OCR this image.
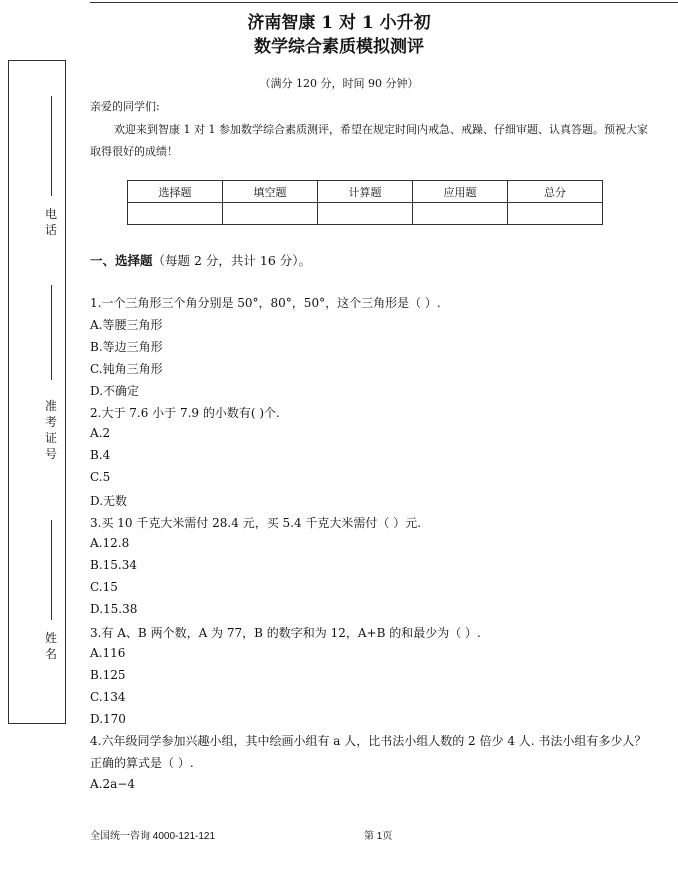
济南智康 1 对 1 小升初
数学综合素质模拟测评
（满分 120 分，时间 90 分钟）
亲爱的同学们:
欢迎来到智康 1 对 1 参加数学综合素质测评，希望在规定时间内戒急、戒躁、仔细审题、认真答题。预祝大家取得很好的成绩！
选择题	填空题	计算题	应用题	总分

一、选择题（每题 2 分，共计 16 分）。
1.一个三角形三个角分别是 50°，80°，50°，这个三角形是（ ）.
A.等腰三角形
B.等边三角形
C.钝角三角形
D.不确定
2.大于 7.6 小于 7.9 的小数有( )个.
A.2
B.4
C.5
D.无数
3.买 10 千克大米需付 28.4 元，买 5.4 千克大米需付（ ）元.
A.12.8
B.15.34
C.15
D.15.38
3.有 A、B 两个数，A 为 77，B 的数字和为 12，A+B 的和最少为（ ）.
A.116
B.125
C.134
D.170
4.六年级同学参加兴趣小组，其中绘画小组有 a 人，比书法小组人数的 2 倍少 4 人. 书法小组有多少人？正确的算式是（ ）.
A.2a−4
电话
准考证号
姓名
全国统一咨询 4000-121-121	第 1页
